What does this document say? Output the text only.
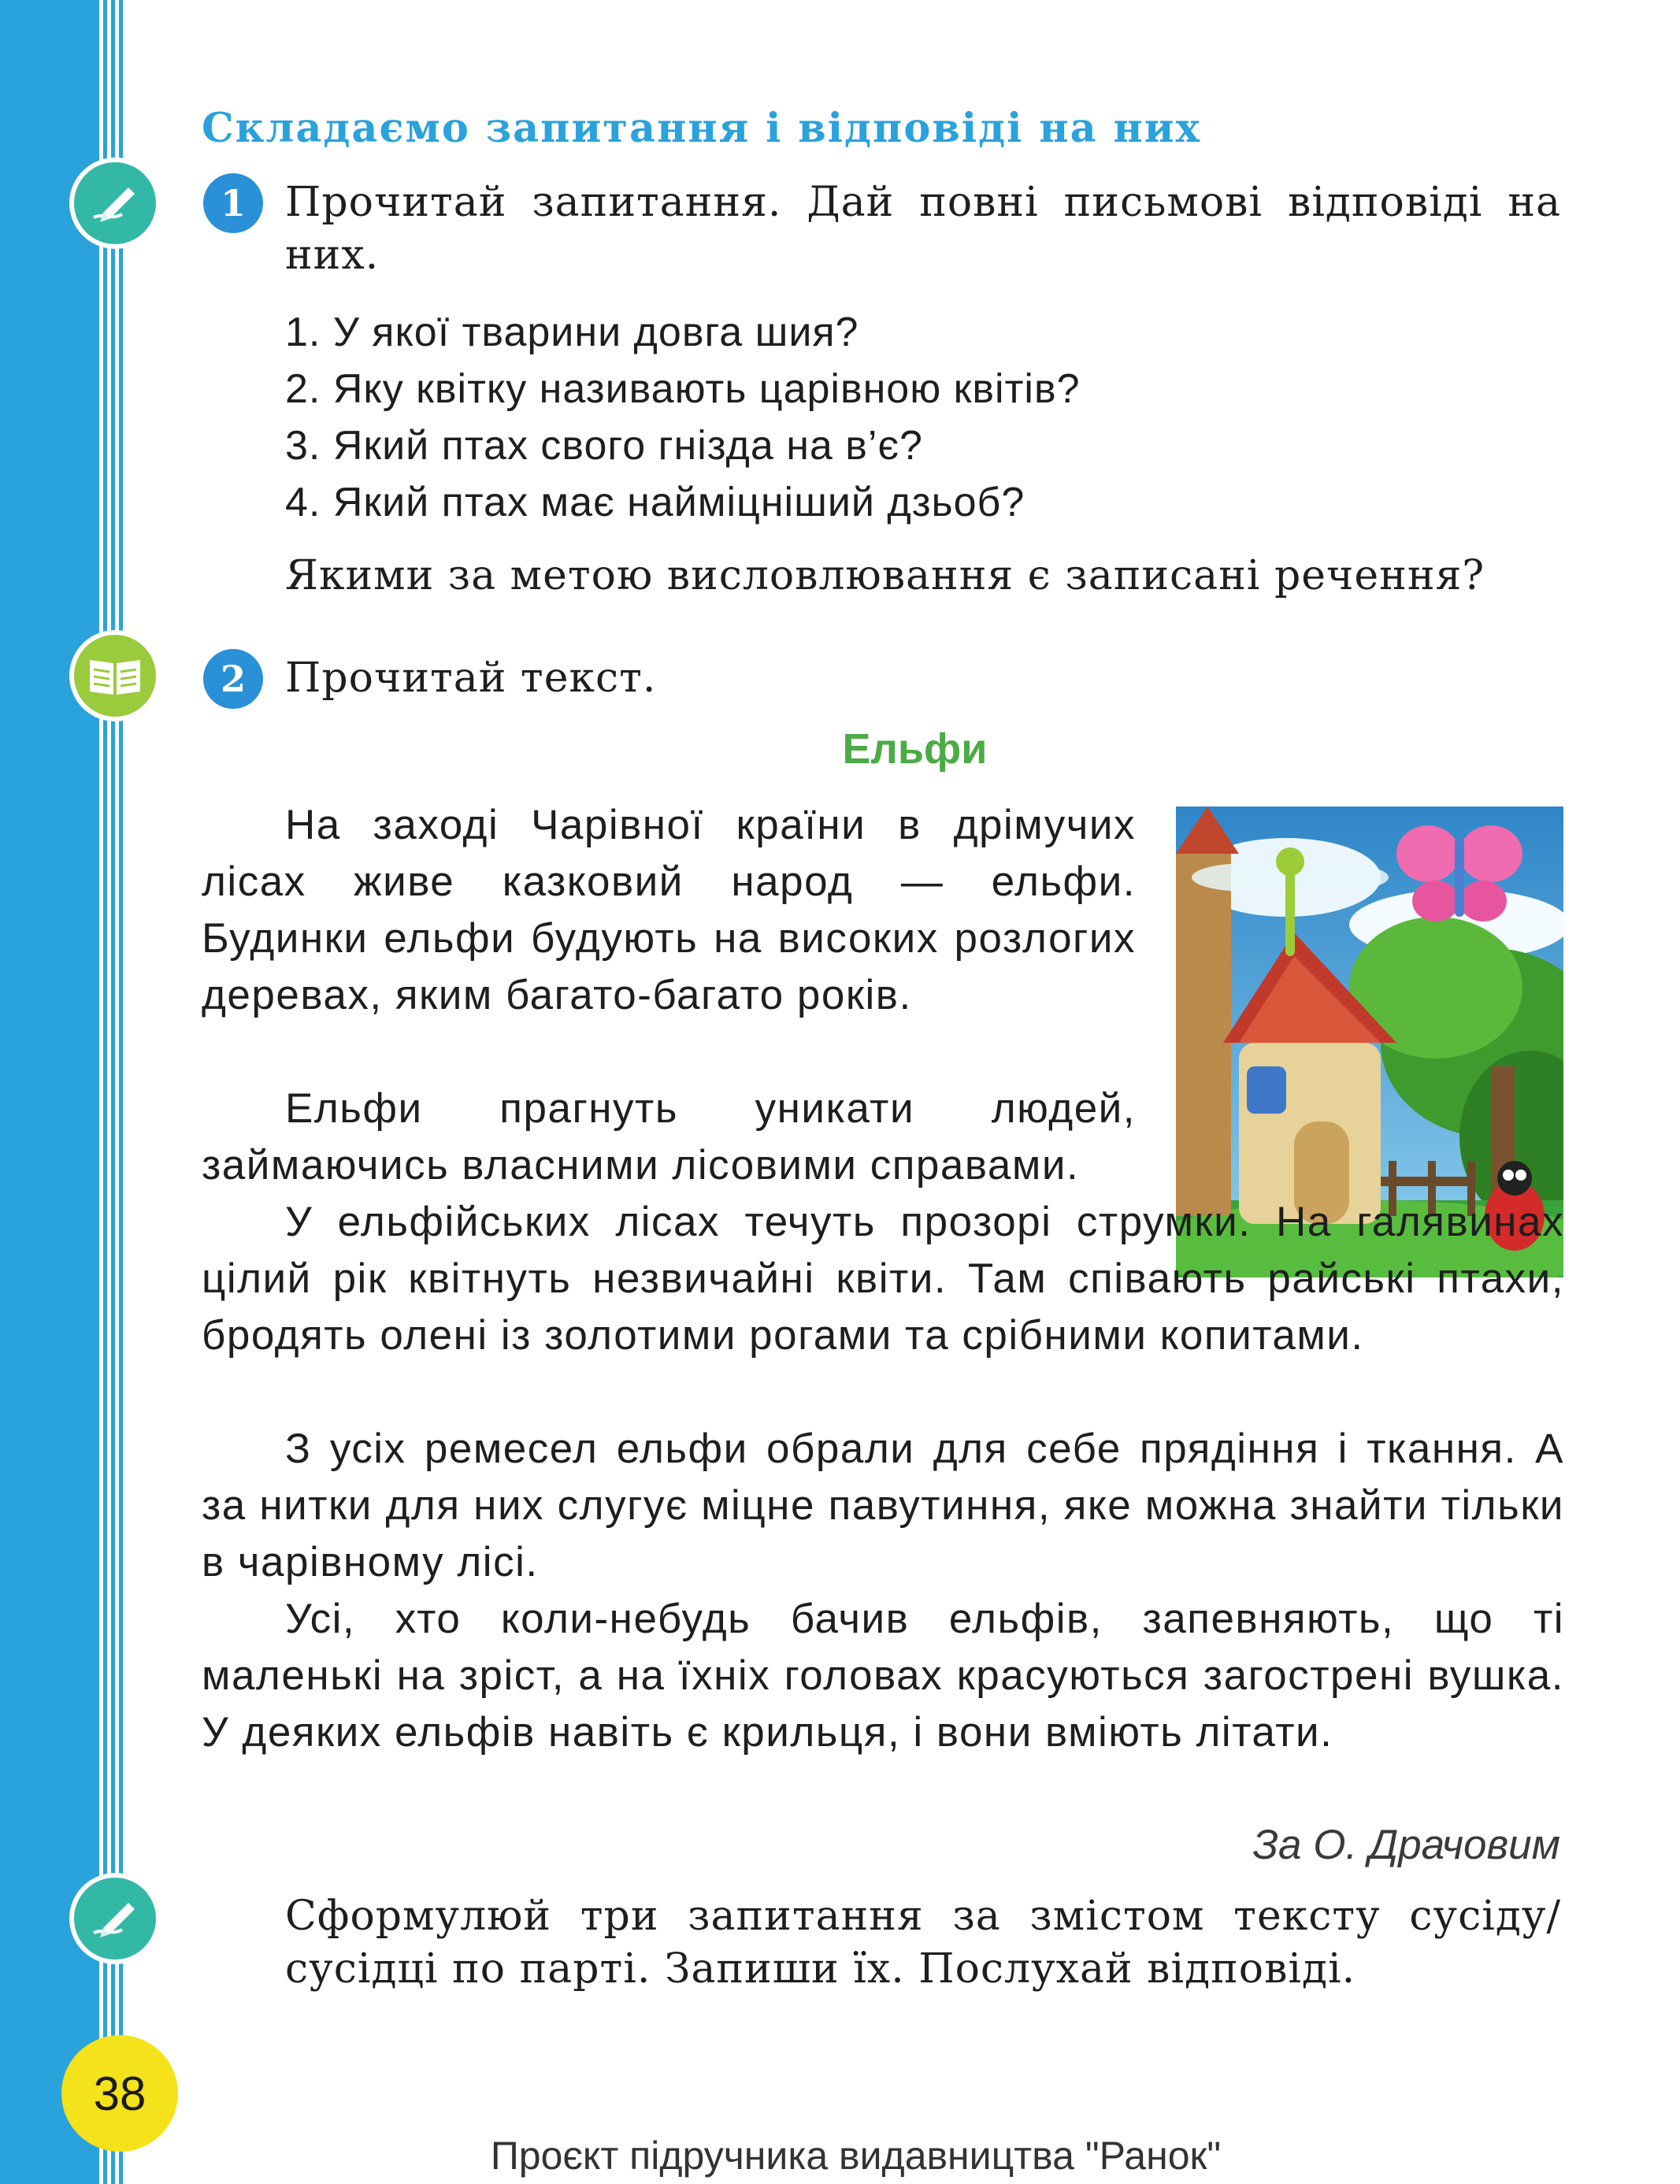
38
Складаємо запитання і відповіді на них
1 Прочитай запитання. Дай повні письмові відповіді на них.
1. У якої тварини довга шия?
2. Яку квітку називають царівною квітів?
3. Який птах свого гнізда на в’є?
4. Який птах має найміцніший дзьоб?
Якими за метою висловлювання є записані речення?
2 Прочитай текст.
Ельфи

На заході Чарівної країни в дрімучих лісах живе казковий народ — ельфи. Будинки ельфи будують на високих розлогих деревах, яким багато-багато років.

Ельфи прагнуть уникати людей, займаючись власними лісовими справами.

У ельфійських лісах течуть прозорі струмки. На галявинах цілий рік квітнуть незвичайні квіти. Там співають райські птахи, бродять олені із золотими рогами та срібними копитами.

З усіх ремесел ельфи обрали для себе прядіння і ткання. А за нитки для них слугує міцне павутиння, яке можна знайти тільки в чарівному лісі.

Усі, хто коли-небудь бачив ельфів, запевняють, що ті маленькі на зріст, а на їхніх головах красуються загострені вушка. У деяких ельфів навіть є крильця, і вони вміють літати.

За О. Драчовим
Сформулюй три запитання за змістом тексту сусіду/сусідці по парті. Запиши їх. Послухай відповіді.
Проєкт підручника видавництва "Ранок"
